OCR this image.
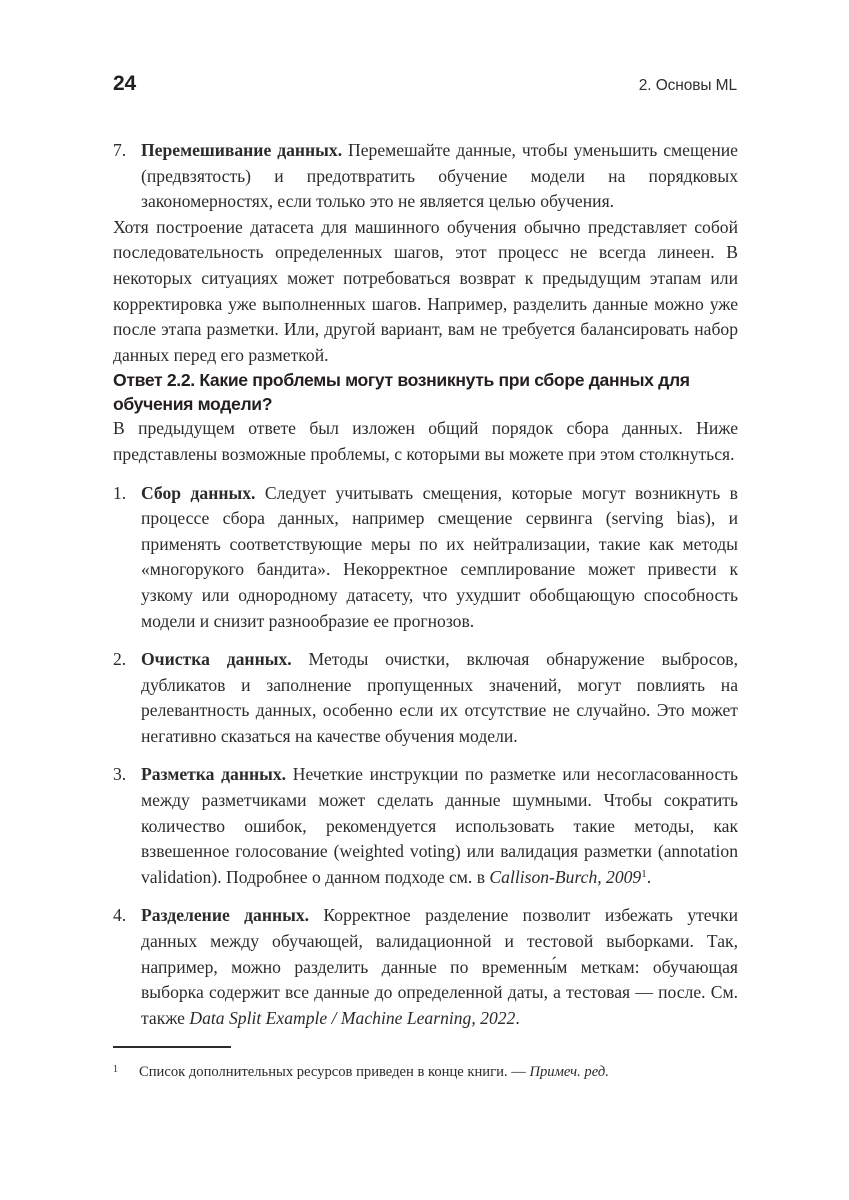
24	2. Основы ML
7. Перемешивание данных. Перемешайте данные, чтобы уменьшить смещение (предвзятость) и предотвратить обучение модели на порядковых закономерностях, если только это не является целью обучения.

Хотя построение датасета для машинного обучения обычно представляет собой последовательность определенных шагов, этот процесс не всегда линеен. В некоторых ситуациях может потребоваться возврат к предыдущим этапам или корректировка уже выполненных шагов. Например, разделить данные можно уже после этапа разметки. Или, другой вариант, вам не требуется балансировать набор данных перед его разметкой.

Ответ 2.2. Какие проблемы могут возникнуть при сборе данных для обучения модели?

В предыдущем ответе был изложен общий порядок сбора данных. Ниже представлены возможные проблемы, с которыми вы можете при этом столкнуться.

1. Сбор данных. Следует учитывать смещения, которые могут возникнуть в процессе сбора данных, например смещение сервинга (serving bias), и применять соответствующие меры по их нейтрализации, такие как методы «многорукого бандита». Некорректное семплирование может привести к узкому или однородному датасету, что ухудшит обобщающую способность модели и снизит разнообразие ее прогнозов.
2. Очистка данных. Методы очистки, включая обнаружение выбросов, дубликатов и заполнение пропущенных значений, могут повлиять на релевантность данных, особенно если их отсутствие не случайно. Это может негативно сказаться на качестве обучения модели.
3. Разметка данных. Нечеткие инструкции по разметке или несогласованность между разметчиками может сделать данные шумными. Чтобы сократить количество ошибок, рекомендуется использовать такие методы, как взвешенное голосование (weighted voting) или валидация разметки (annotation validation). Подробнее о данном подходе см. в Callison-Burch, 2009$^1$.
4. Разделение данных. Корректное разделение позволит избежать утечки данных между обучающей, валидационной и тестовой выборками. Так, например, можно разделить данные по временны́м меткам: обучающая выборка содержит все данные до определенной даты, а тестовая — после. См. также Data Split Example / Machine Learning, 2022.
1 Список дополнительных ресурсов приведен в конце книги. — Примеч. ред.
